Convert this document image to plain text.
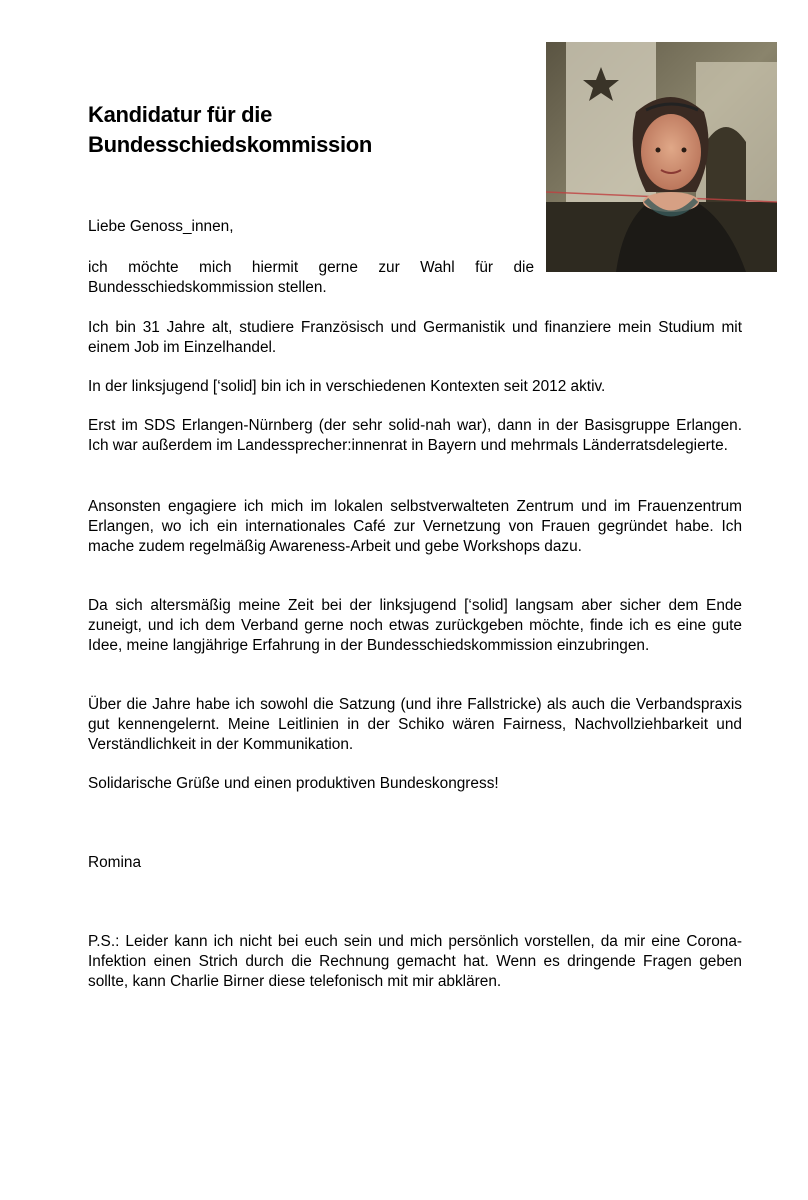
Kandidatur für die
Bundesschiedskommission
Liebe Genoss_innen,
ich möchte mich hiermit gerne zur Wahl für die Bundesschiedskommission stellen.
Ich bin 31 Jahre alt, studiere Französisch und Germanistik und finanziere mein Studium mit einem Job im Einzelhandel.
In der linksjugend [‘solid] bin ich in verschiedenen Kontexten seit 2012 aktiv.
Erst im SDS Erlangen-Nürnberg (der sehr solid-nah war), dann in der Basisgruppe Erlangen. Ich war außerdem im Landessprecher:innenrat in Bayern und mehrmals Länderratsdelegierte.
Ansonsten engagiere ich mich im lokalen selbstverwalteten Zentrum und im Frauenzentrum Erlangen, wo ich ein internationales Café zur Vernetzung von Frauen gegründet habe. Ich mache zudem regelmäßig Awareness-Arbeit und gebe Workshops dazu.
Da sich altersmäßig meine Zeit bei der linksjugend [‘solid] langsam aber sicher dem Ende zuneigt, und ich dem Verband gerne noch etwas zurückgeben möchte, finde ich es eine gute Idee, meine langjährige Erfahrung in der Bundesschiedskommission einzubringen.
Über die Jahre habe ich sowohl die Satzung (und ihre Fallstricke) als auch die Verbandspraxis gut kennengelernt. Meine Leitlinien in der Schiko wären Fairness, Nachvollziehbarkeit und Verständlichkeit in der Kommunikation.
Solidarische Grüße und einen produktiven Bundeskongress!
Romina
P.S.: Leider kann ich nicht bei euch sein und mich persönlich vorstellen, da mir eine Corona-Infektion einen Strich durch die Rechnung gemacht hat. Wenn es dringende Fragen geben sollte, kann Charlie Birner diese telefonisch mit mir abklären.
